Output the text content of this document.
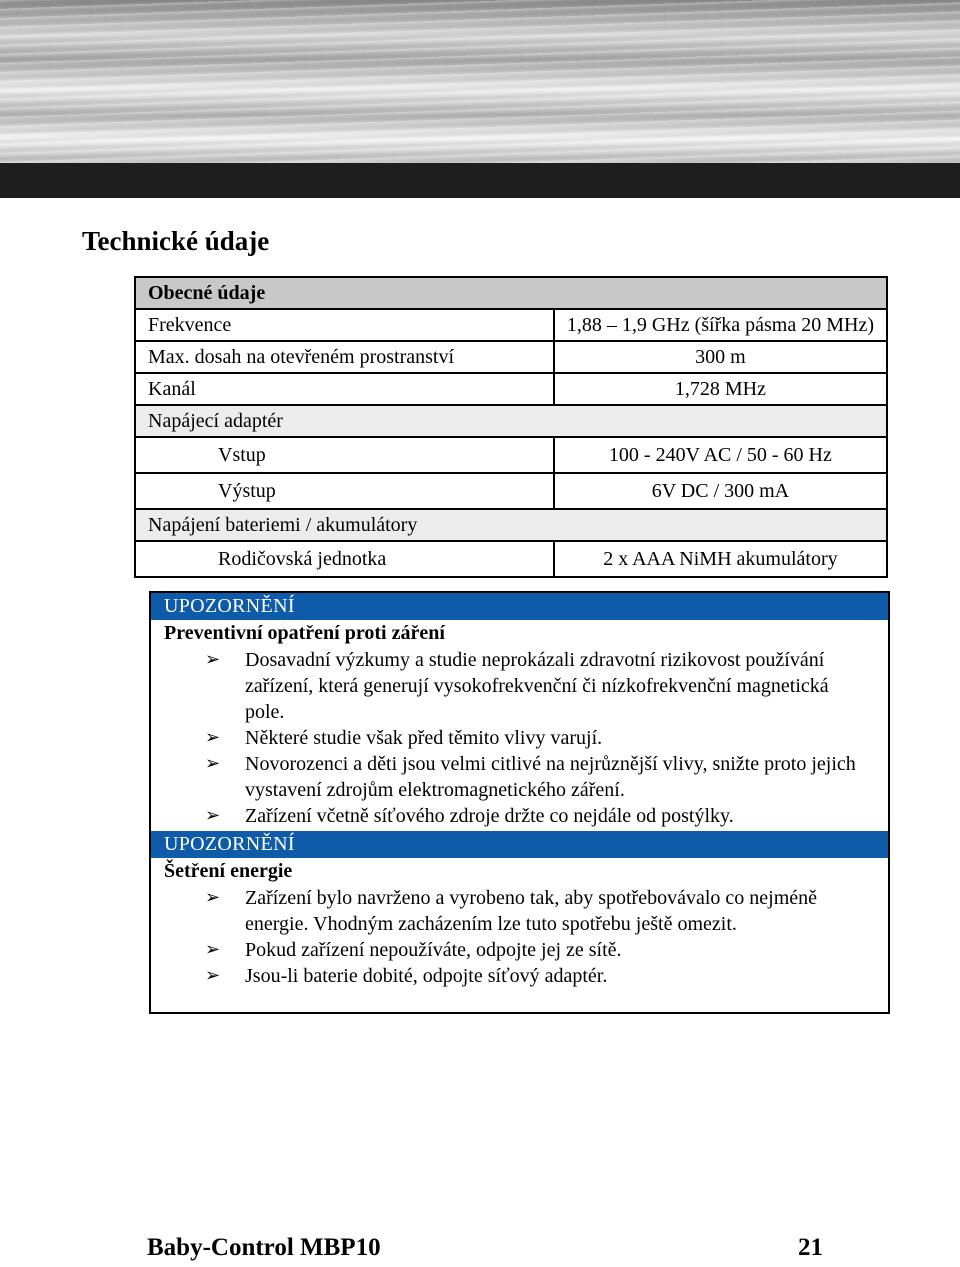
Technické údaje
Obecné údaje	
Frekvence	1,88 – 1,9 GHz (šířka pásma 20 MHz)
Max. dosah na otevřeném prostranství	300 m
Kanál	1,728 MHz
Napájecí adaptér	
Vstup	100 - 240V AC / 50 - 60 Hz
Výstup	6V DC / 300 mA
Napájení bateriemi / akumulátory	
Rodičovská jednotka	2 x AAA NiMH akumulátory
UPOZORNĚNÍ
Preventivní opatření proti záření
➢ Dosavadní výzkumy a studie neprokázali zdravotní rizikovost používání zařízení, která generují vysokofrekvenční či nízkofrekvenční magnetická pole.
➢ Některé studie však před těmito vlivy varují.
➢ Novorozenci a děti jsou velmi citlivé na nejrůznější vlivy, snižte proto jejich vystavení zdrojům elektromagnetického záření.
➢ Zařízení včetně síťového zdroje držte co nejdále od postýlky.
UPOZORNĚNÍ
Šetření energie
➢ Zařízení bylo navrženo a vyrobeno tak, aby spotřebovávalo co nejméně energie. Vhodným zacházením lze tuto spotřebu ještě omezit.
➢ Pokud zařízení nepoužíváte, odpojte jej ze sítě.
➢ Jsou-li baterie dobité, odpojte síťový adaptér.
Baby-Control MBP10	21
